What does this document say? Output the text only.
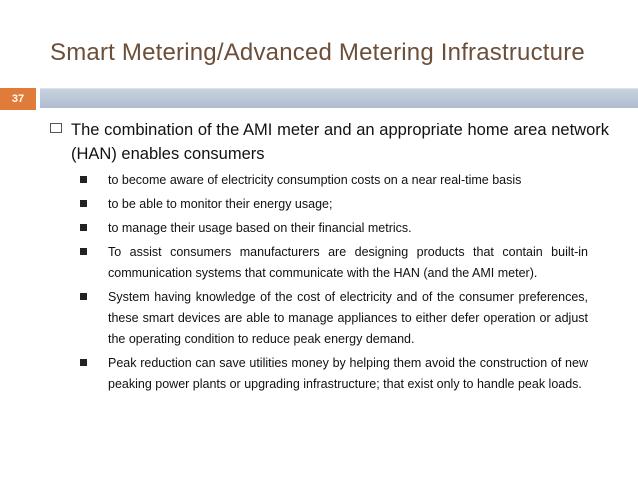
Smart Metering/Advanced Metering Infrastructure
37
The combination of the AMI meter and an appropriate home area network (HAN) enables consumers
to become aware of electricity consumption costs on a near real-time basis
to be able to monitor their energy usage;
to manage their usage based on their financial metrics.
To assist consumers manufacturers are designing products that contain built-in communication systems that communicate with the HAN (and the AMI meter).
System having knowledge of the cost of electricity and of the consumer preferences, these smart devices are able to manage appliances to either defer operation or adjust the operating condition to reduce peak energy demand.
Peak reduction can save utilities money by helping them avoid the construction of new peaking power plants or upgrading infrastructure; that exist only to handle peak loads.
